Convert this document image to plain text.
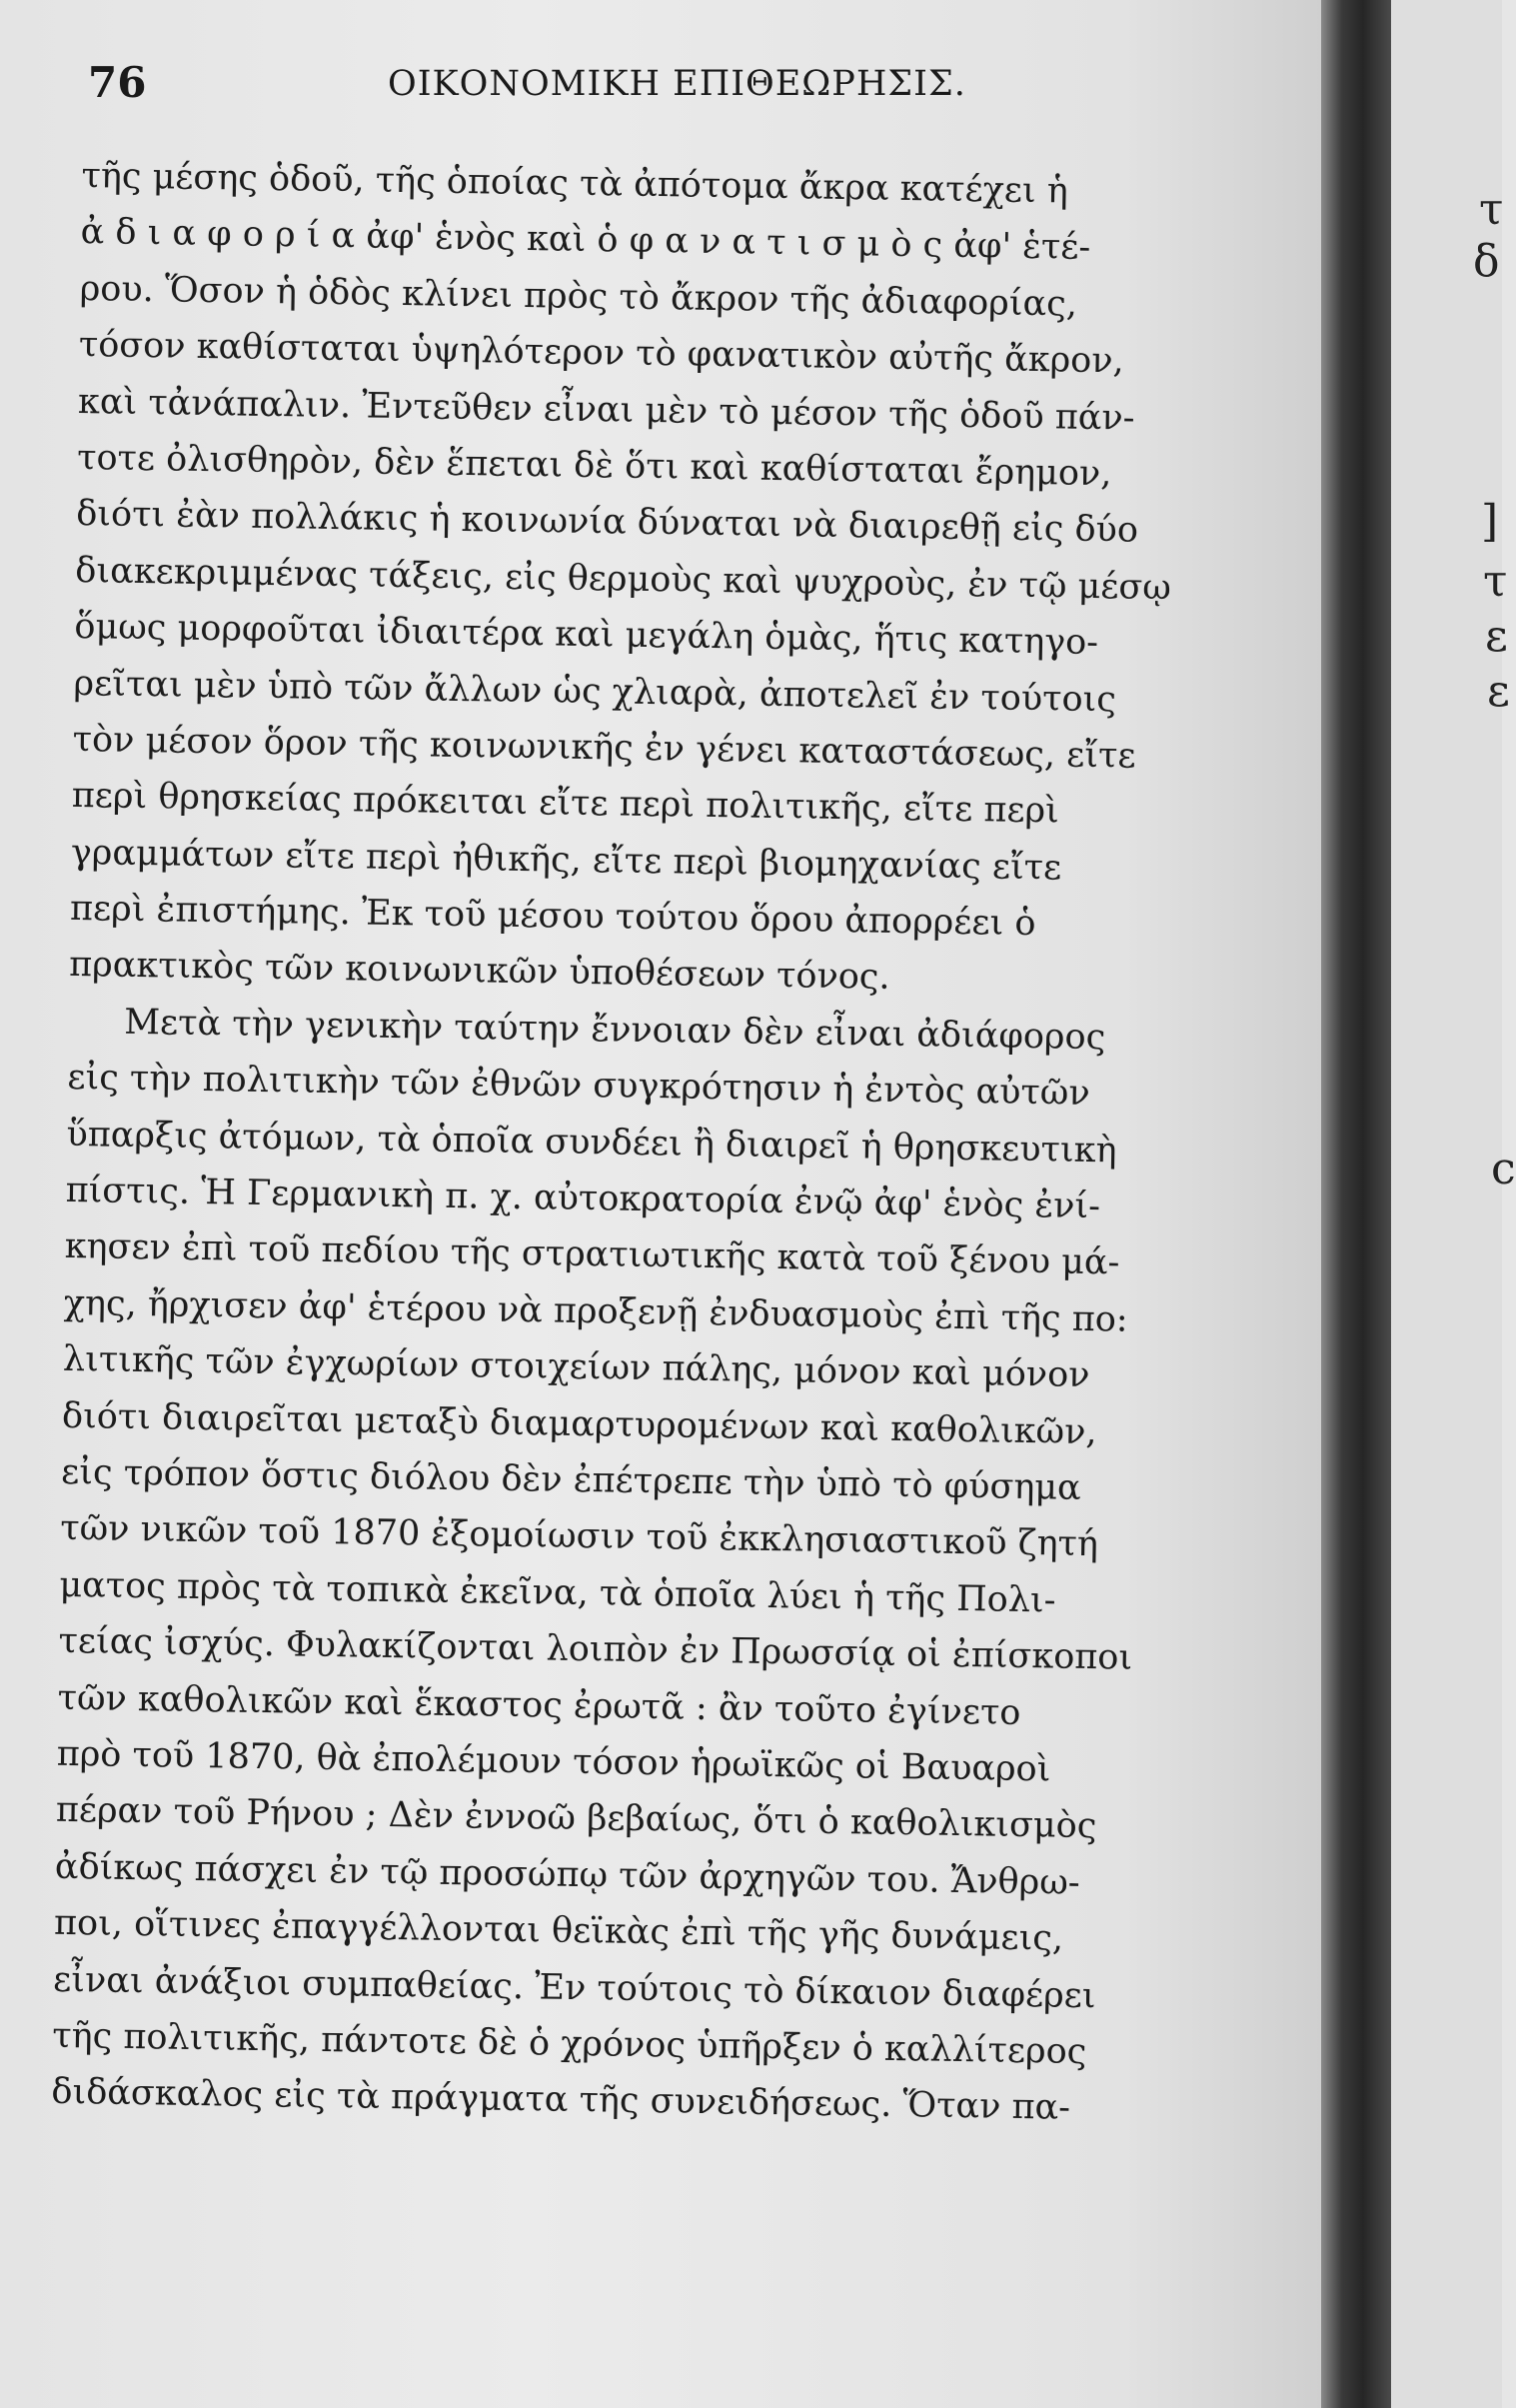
76	ΟΙΚΟΝΟΜΙΚΗ ΕΠΙΘΕΩΡΗΣΙΣ.
τῆς μέσης ὁδοῦ, τῆς ὁποίας τὰ ἀπότομα ἄκρα κατέχει ἡ
ἀ δ ι α φ ο ρ ί α ἀφ' ἑνὸς καὶ ὁ φ α ν α τ ι σ μ ὸ ς ἀφ' ἑτέ-
ρου. Ὅσον ἡ ὁδὸς κλίνει πρὸς τὸ ἄκρον τῆς ἀδιαφορίας,
τόσον καθίσταται ὑψηλότερον τὸ φανατικὸν αὐτῆς ἄκρον,
καὶ τἀνάπαλιν. Ἐντεῦθεν εἶναι μὲν τὸ μέσον τῆς ὁδοῦ πάν-
τοτε ὀλισθηρὸν, δὲν ἕπεται δὲ ὅτι καὶ καθίσταται ἔρημον,
διότι ἐὰν πολλάκις ἡ κοινωνία δύναται νὰ διαιρεθῇ εἰς δύο
διακεκριμμένας τάξεις, εἰς θερμοὺς καὶ ψυχροὺς, ἐν τῷ μέσῳ
ὅμως μορφοῦται ἰδιαιτέρα καὶ μεγάλη ὁμὰς, ἥτις κατηγο-
ρεῖται μὲν ὑπὸ τῶν ἄλλων ὡς χλιαρὰ, ἀποτελεῖ ἐν τούτοις
τὸν μέσον ὅρον τῆς κοινωνικῆς ἐν γένει καταστάσεως, εἴτε
περὶ θρησκείας πρόκειται εἴτε περὶ πολιτικῆς, εἴτε περὶ
γραμμάτων εἴτε περὶ ἠθικῆς, εἴτε περὶ βιομηχανίας εἴτε
περὶ ἐπιστήμης. Ἐκ τοῦ μέσου τούτου ὅρου ἀπορρέει ὁ
πρακτικὸς τῶν κοινωνικῶν ὑποθέσεων τόνος.
Μετὰ τὴν γενικὴν ταύτην ἔννοιαν δὲν εἶναι ἀδιάφορος
εἰς τὴν πολιτικὴν τῶν ἐθνῶν συγκρότησιν ἡ ἐντὸς αὐτῶν
ὕπαρξις ἀτόμων, τὰ ὁποῖα συνδέει ἢ διαιρεῖ ἡ θρησκευτικὴ
πίστις. Ἡ Γερμανικὴ π. χ. αὐτοκρατορία ἐνῷ ἀφ' ἑνὸς ἐνί-
κησεν ἐπὶ τοῦ πεδίου τῆς στρατιωτικῆς κατὰ τοῦ ξένου μά-
χης, ἤρχισεν ἀφ' ἑτέρου νὰ προξενῇ ἐνδυασμοὺς ἐπὶ τῆς πο:
λιτικῆς τῶν ἐγχωρίων στοιχείων πάλης, μόνον καὶ μόνον
διότι διαιρεῖται μεταξὺ διαμαρτυρομένων καὶ καθολικῶν,
εἰς τρόπον ὅστις διόλου δὲν ἐπέτρεπε τὴν ὑπὸ τὸ φύσημα
τῶν νικῶν τοῦ 1870 ἐξομοίωσιν τοῦ ἐκκλησιαστικοῦ ζητή
ματος πρὸς τὰ τοπικὰ ἐκεῖνα, τὰ ὁποῖα λύει ἡ τῆς Πολι-
τείας ἰσχύς. Φυλακίζονται λοιπὸν ἐν Πρωσσίᾳ οἱ ἐπίσκοποι
τῶν καθολικῶν καὶ ἕκαστος ἐρωτᾶ : ἂν τοῦτο ἐγίνετο
πρὸ τοῦ 1870, θὰ ἐπολέμουν τόσον ἡρωϊκῶς οἱ Βαυαροὶ
πέραν τοῦ Ρήνου ; Δὲν ἐννοῶ βεβαίως, ὅτι ὁ καθολικισμὸς
ἀδίκως πάσχει ἐν τῷ προσώπῳ τῶν ἀρχηγῶν του. Ἄνθρω-
ποι, οἵτινες ἐπαγγέλλονται θεϊκὰς ἐπὶ τῆς γῆς δυνάμεις,
εἶναι ἀνάξιοι συμπαθείας. Ἐν τούτοις τὸ δίκαιον διαφέρει
τῆς πολιτικῆς, πάντοτε δὲ ὁ χρόνος ὑπῆρξεν ὁ καλλίτερος
διδάσκαλος εἰς τὰ πράγματα τῆς συνειδήσεως. Ὅταν πα-
τ
δ
]
τ
ε
ε
c
